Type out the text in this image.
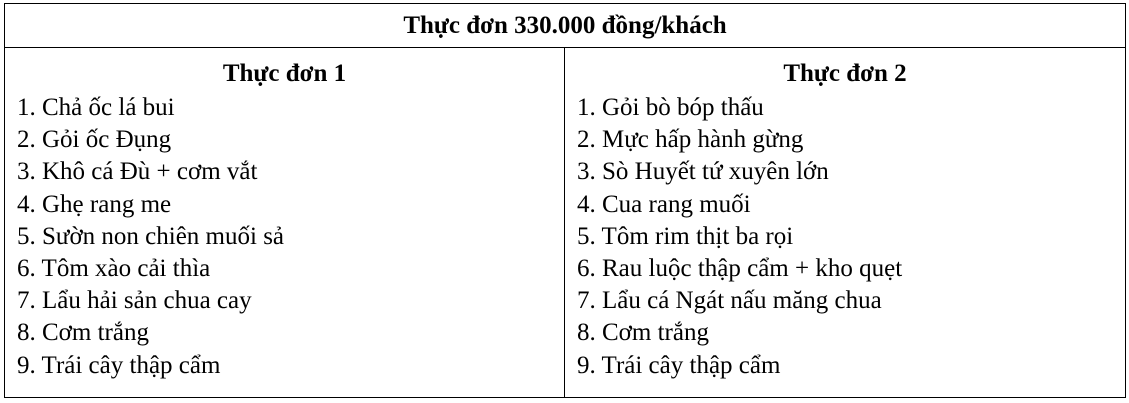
Thực đơn 330.000 đồng/khách

Thực đơn 1
1. Chả ốc lá bui
2. Gỏi ốc Đụng
3. Khô cá Đù + cơm vắt
4. Ghẹ rang me
5. Sườn non chiên muối sả
6. Tôm xào cải thìa
7. Lẩu hải sản chua cay
8. Cơm trắng
9. Trái cây thập cẩm

Thực đơn 2
1. Gỏi bò bóp thấu
2. Mực hấp hành gừng
3. Sò Huyết tứ xuyên lớn
4. Cua rang muối
5. Tôm rim thịt ba rọi
6. Rau luộc thập cẩm + kho quẹt
7. Lẩu cá Ngát nấu măng chua
8. Cơm trắng
9. Trái cây thập cẩm
